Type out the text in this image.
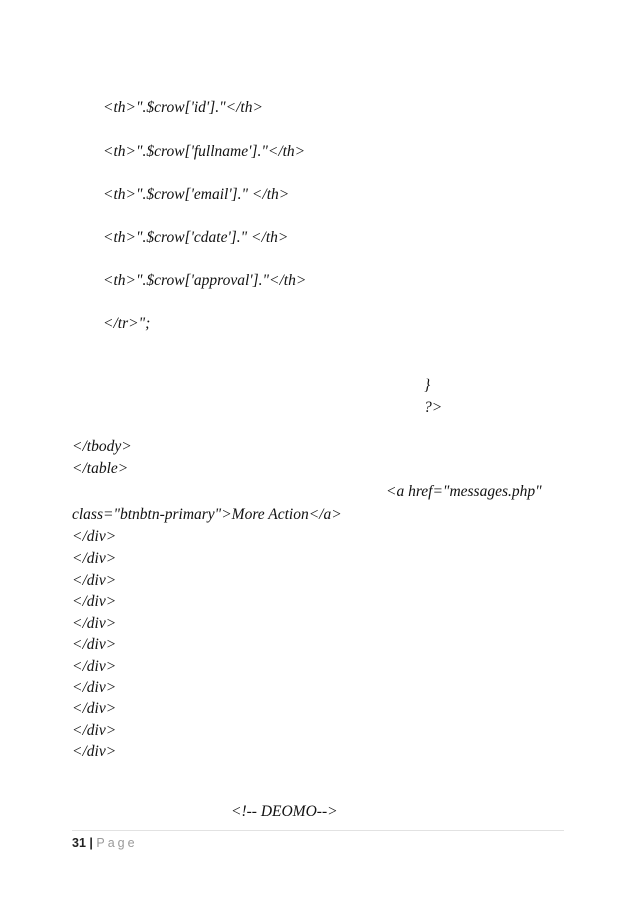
<th>".$crow['id']."</th>
<th>".$crow['fullname']."</th>
<th>".$crow['email']." </th>
<th>".$crow['cdate']." </th>
<th>".$crow['approval']."</th>
</tr>";
}
?>
</tbody>
</table>
<a href="messages.php"
class="btnbtn-primary">More Action</a>
</div>
</div>
</div>
</div>
</div>
</div>
</div>
</div>
</div>
</div>
</div>
<!-- DEOMO-->
31 | Page
